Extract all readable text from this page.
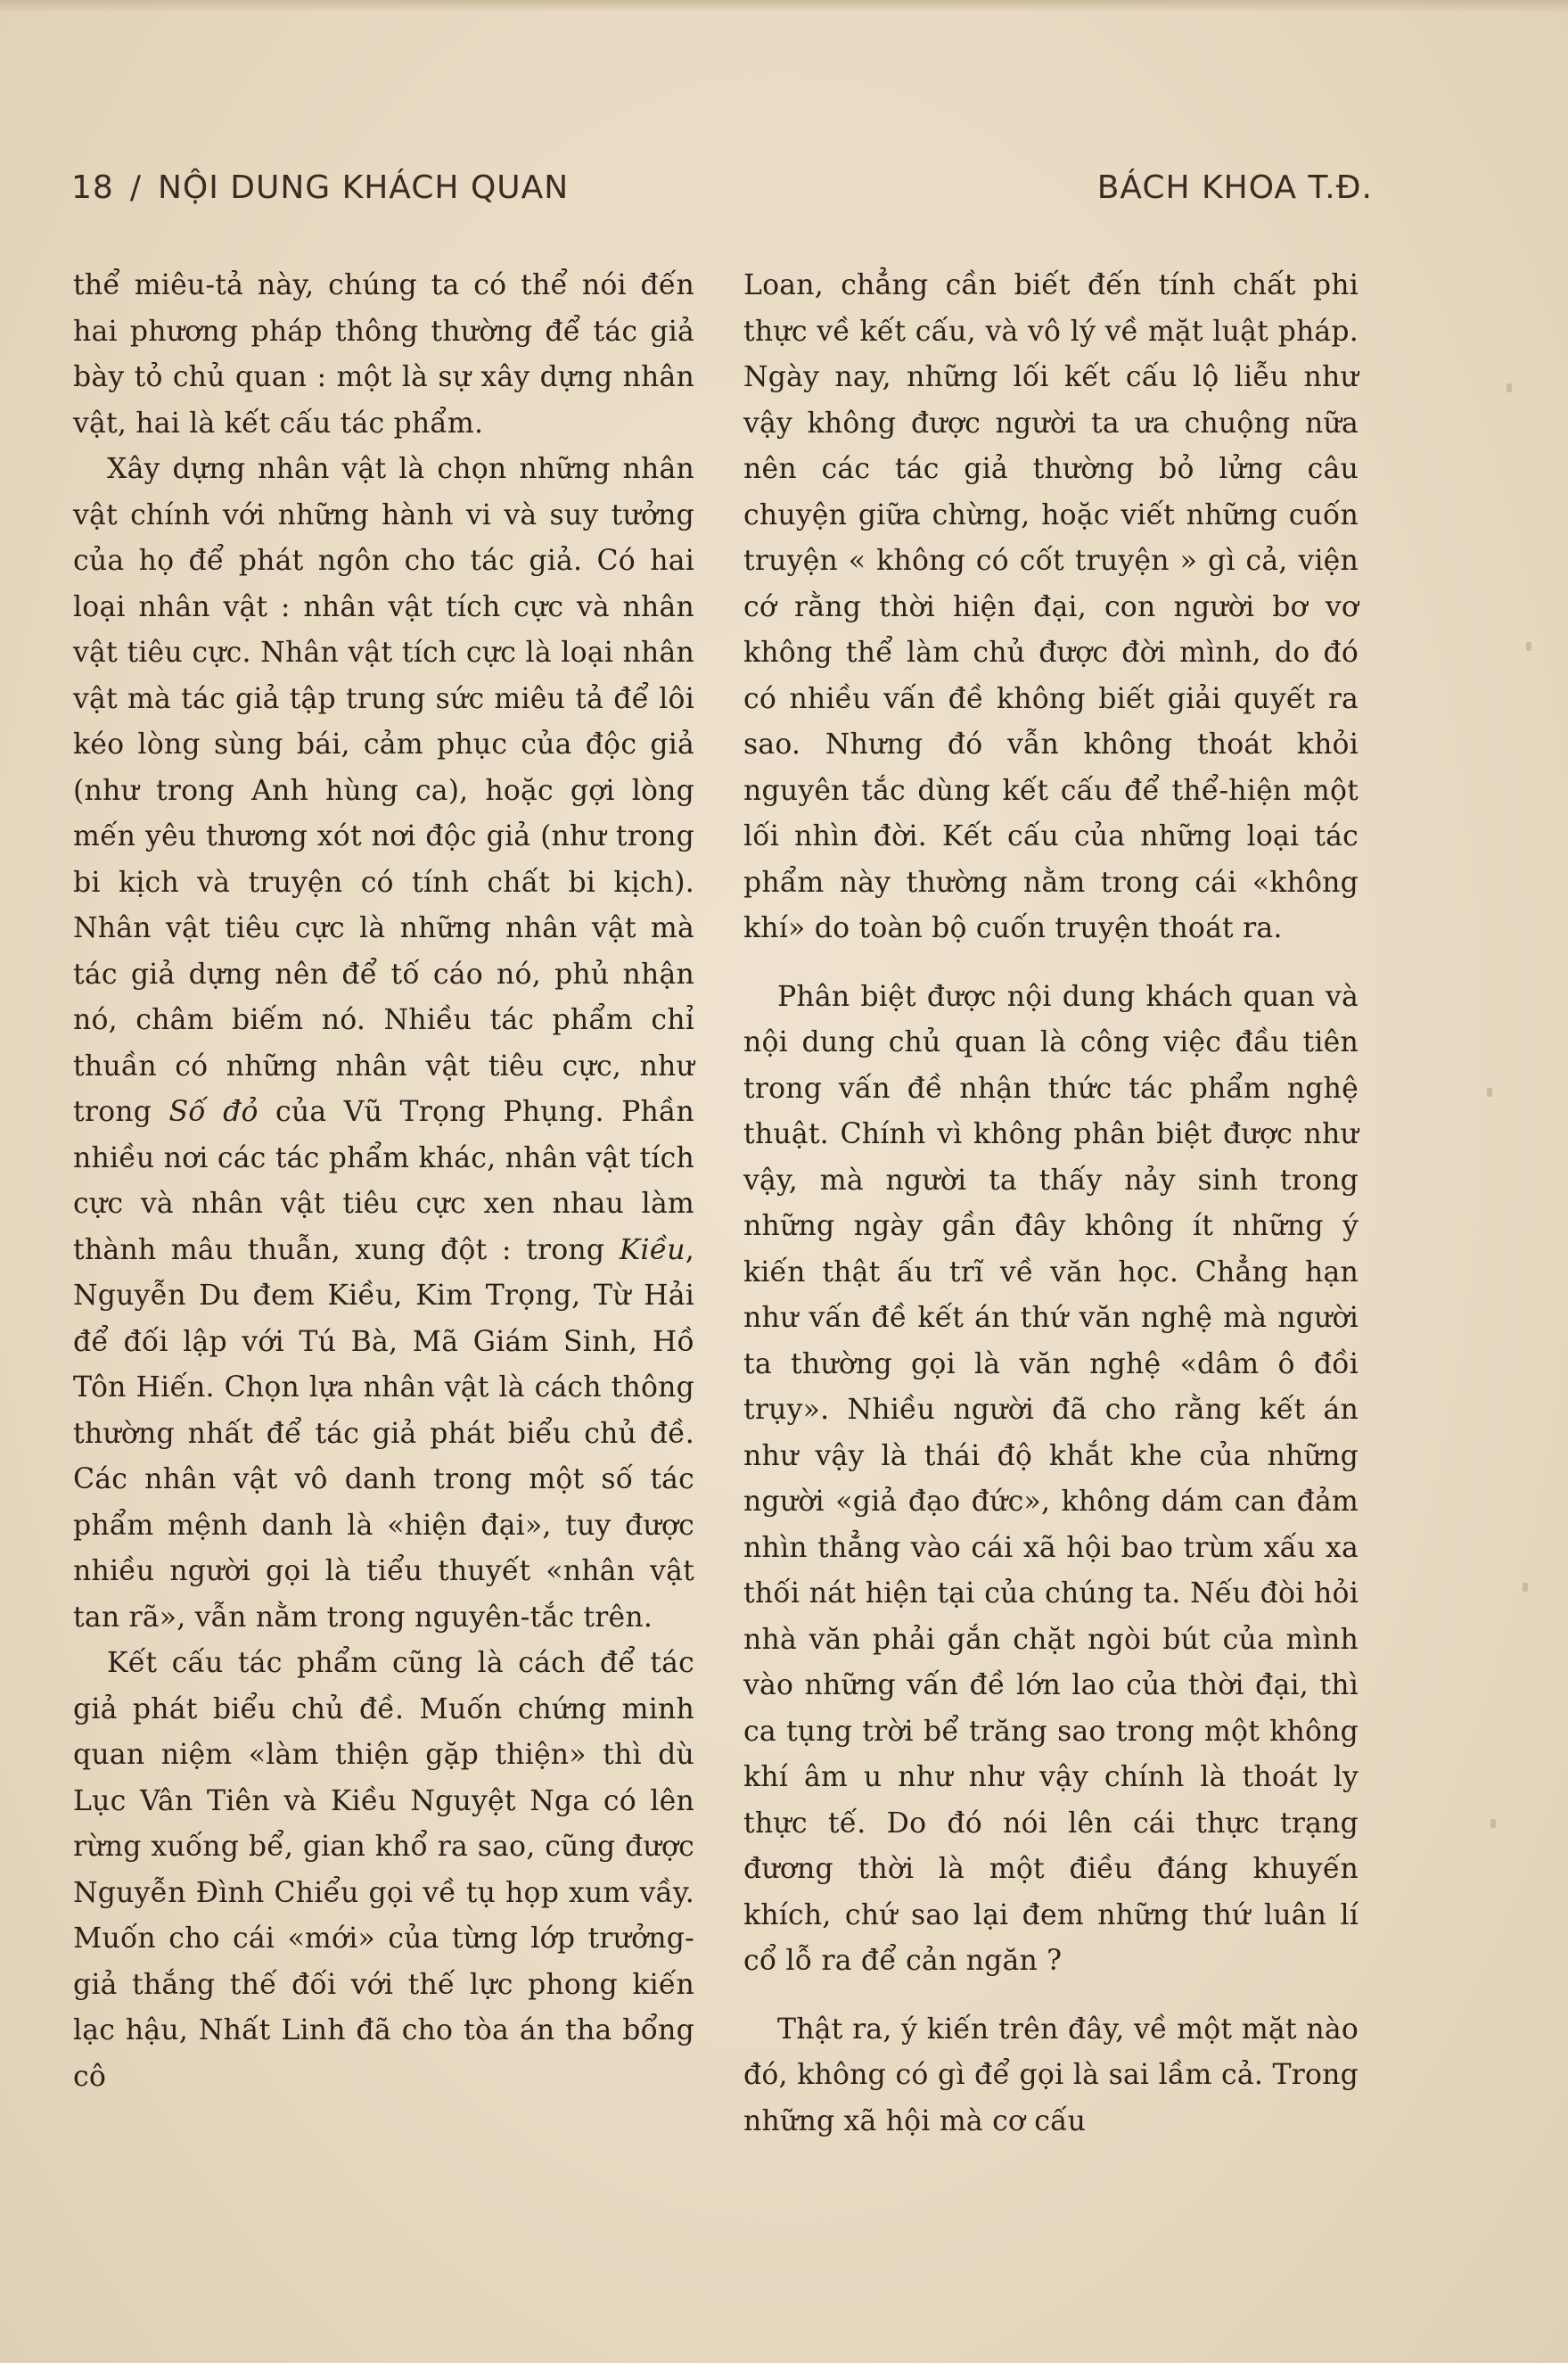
18 / NỘI DUNG KHÁCH QUAN	BÁCH KHOA T.Đ.

thể miêu-tả này, chúng ta có thể nói đến hai phương pháp thông thường để tác giả bày tỏ chủ quan : một là sự xây dựng nhân vật, hai là kết cấu tác phẩm.

Xây dựng nhân vật là chọn những nhân vật chính với những hành vi và suy tưởng của họ để phát ngôn cho tác giả. Có hai loại nhân vật : nhân vật tích cực và nhân vật tiêu cực. Nhân vật tích cực là loại nhân vật mà tác giả tập trung sức miêu tả để lôi kéo lòng sùng bái, cảm phục của độc giả (như trong Anh hùng ca), hoặc gợi lòng mến yêu thương xót nơi độc giả (như trong bi kịch và truyện có tính chất bi kịch). Nhân vật tiêu cực là những nhân vật mà tác giả dựng nên để tố cáo nó, phủ nhận nó, châm biếm nó. Nhiều tác phẩm chỉ thuần có những nhân vật tiêu cực, như trong Số đỏ của Vũ Trọng Phụng. Phần nhiều nơi các tác phẩm khác, nhân vật tích cực và nhân vật tiêu cực xen nhau làm thành mâu thuẫn, xung đột : trong Kiều, Nguyễn Du đem Kiều, Kim Trọng, Từ Hải để đối lập với Tú Bà, Mã Giám Sinh, Hồ Tôn Hiến. Chọn lựa nhân vật là cách thông thường nhất để tác giả phát biểu chủ đề. Các nhân vật vô danh trong một số tác phẩm mệnh danh là «hiện đại», tuy được nhiều người gọi là tiểu thuyết «nhân vật tan rã», vẫn nằm trong nguyên-tắc trên.

Kết cấu tác phẩm cũng là cách để tác giả phát biểu chủ đề. Muốn chứng minh quan niệm «làm thiện gặp thiện» thì dù Lục Vân Tiên và Kiều Nguyệt Nga có lên rừng xuống bể, gian khổ ra sao, cũng được Nguyễn Đình Chiểu gọi về tụ họp xum vầy. Muốn cho cái «mới» của từng lớp trưởng-giả thắng thế đối với thế lực phong kiến lạc hậu, Nhất Linh đã cho tòa án tha bổng cô

Loan, chẳng cần biết đến tính chất phi thực về kết cấu, và vô lý về mặt luật pháp. Ngày nay, những lối kết cấu lộ liễu như vậy không được người ta ưa chuộng nữa nên các tác giả thường bỏ lửng câu chuyện giữa chừng, hoặc viết những cuốn truyện « không có cốt truyện » gì cả, viện cớ rằng thời hiện đại, con người bơ vơ không thể làm chủ được đời mình, do đó có nhiều vấn đề không biết giải quyết ra sao. Nhưng đó vẫn không thoát khỏi nguyên tắc dùng kết cấu để thể-hiện một lối nhìn đời. Kết cấu của những loại tác phẩm này thường nằm trong cái «không khí» do toàn bộ cuốn truyện thoát ra.

Phân biệt được nội dung khách quan và nội dung chủ quan là công việc đầu tiên trong vấn đề nhận thức tác phẩm nghệ thuật. Chính vì không phân biệt được như vậy, mà người ta thấy nảy sinh trong những ngày gần đây không ít những ý kiến thật ấu trĩ về văn học. Chẳng hạn như vấn đề kết án thứ văn nghệ mà người ta thường gọi là văn nghệ «dâm ô đồi trụy». Nhiều người đã cho rằng kết án như vậy là thái độ khắt khe của những người «giả đạo đức», không dám can đảm nhìn thẳng vào cái xã hội bao trùm xấu xa thối nát hiện tại của chúng ta. Nếu đòi hỏi nhà văn phải gắn chặt ngòi bút của mình vào những vấn đề lớn lao của thời đại, thì ca tụng trời bể trăng sao trong một không khí âm u như như vậy chính là thoát ly thực tế. Do đó nói lên cái thực trạng đương thời là một điều đáng khuyến khích, chứ sao lại đem những thứ luân lí cổ lỗ ra để cản ngăn ?

Thật ra, ý kiến trên đây, về một mặt nào đó, không có gì để gọi là sai lầm cả. Trong những xã hội mà cơ cấu
